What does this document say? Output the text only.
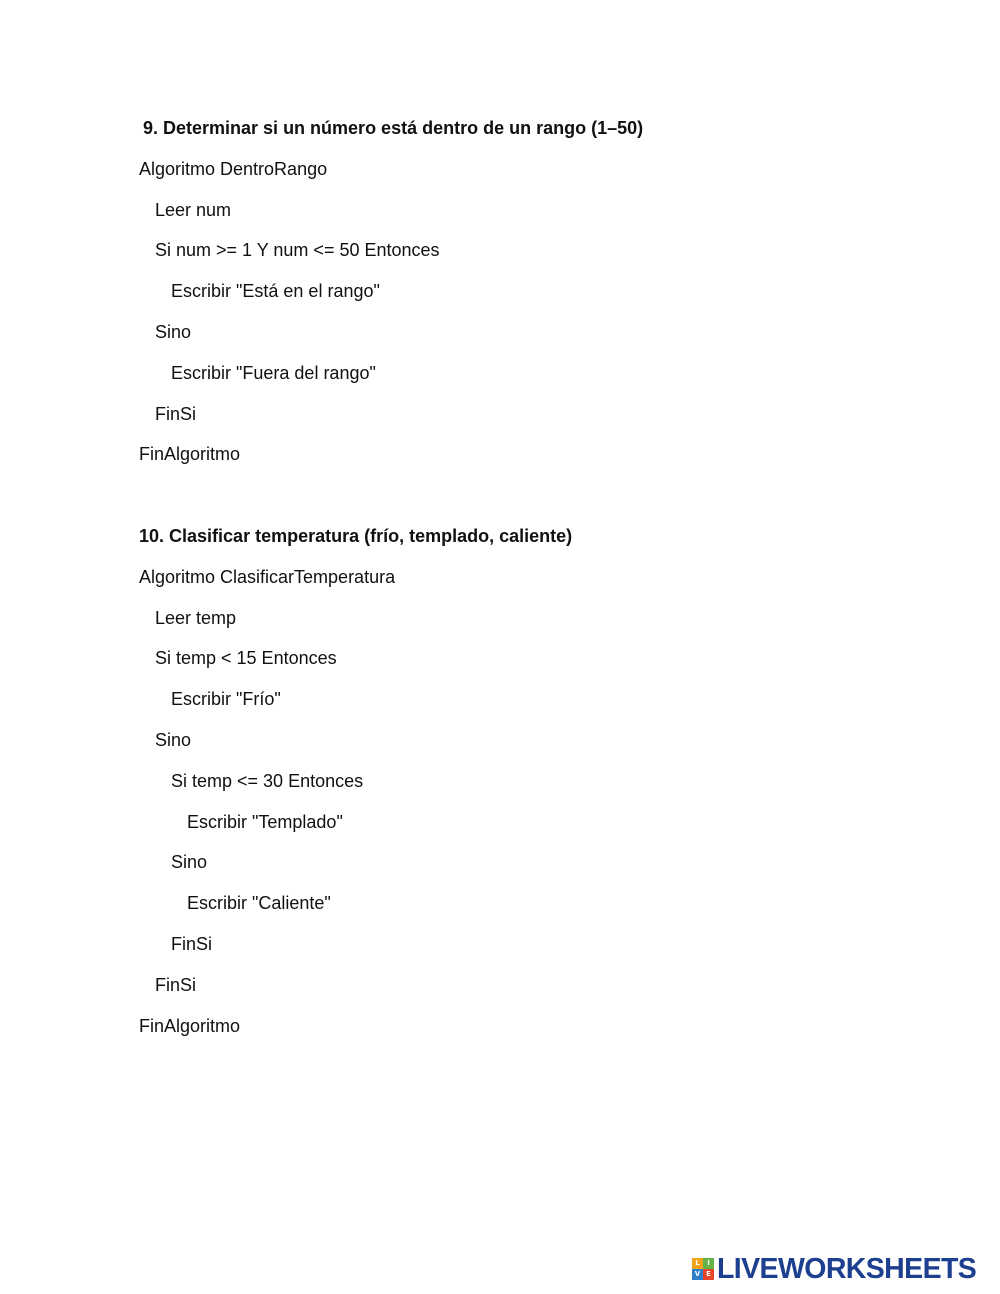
9. Determinar si un número está dentro de un rango (1–50)
Algoritmo DentroRango
Leer num
Si num >= 1 Y num <= 50 Entonces
Escribir "Está en el rango"
Sino
Escribir "Fuera del rango"
FinSi
FinAlgoritmo
10. Clasificar temperatura (frío, templado, caliente)
Algoritmo ClasificarTemperatura
Leer temp
Si temp < 15 Entonces
Escribir "Frío"
Sino
Si temp <= 30 Entonces
Escribir "Templado"
Sino
Escribir "Caliente"
FinSi
FinSi
FinAlgoritmo
L	I
V E LIVEWORKSHEETS
